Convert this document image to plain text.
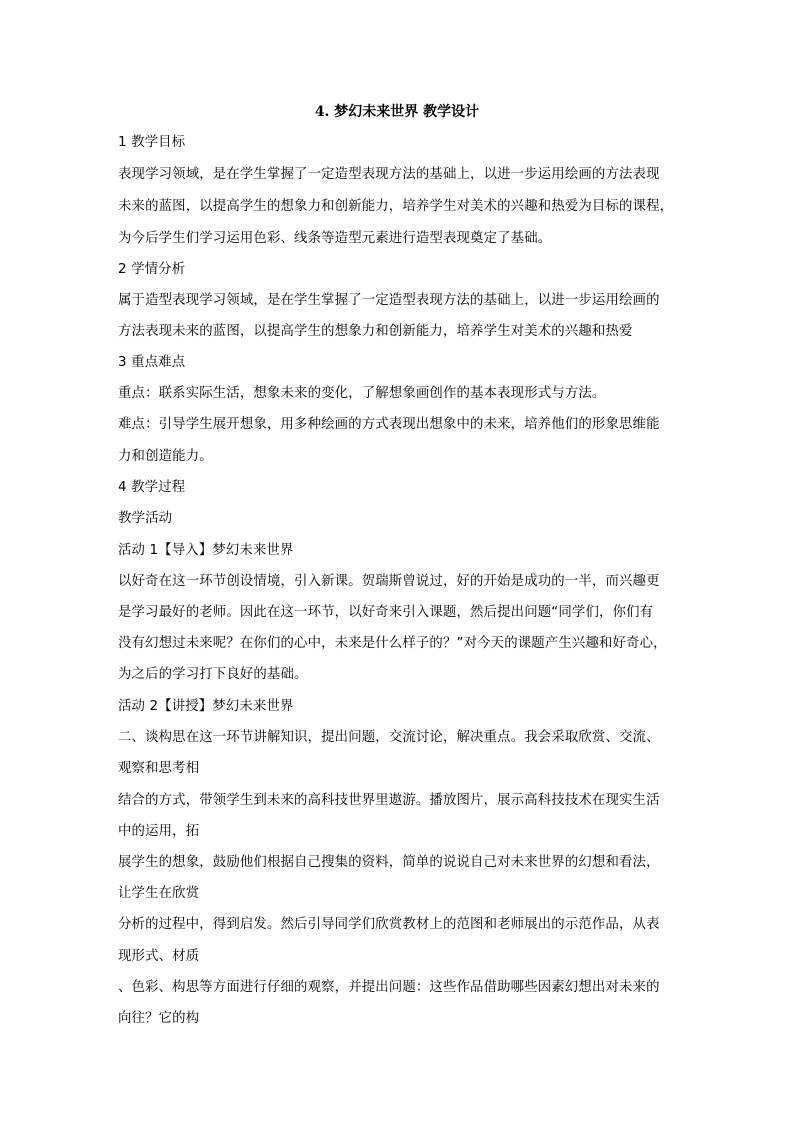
4. 梦幻未来世界 教学设计
1 教学目标
表现学习领域，是在学生掌握了一定造型表现方法的基础上，以进一步运用绘画的方法表现
未来的蓝图，以提高学生的想象力和创新能力，培养学生对美术的兴趣和热爱为目标的课程，
为今后学生们学习运用色彩、线条等造型元素进行造型表现奠定了基础。
2 学情分析
属于造型表现学习领域，是在学生掌握了一定造型表现方法的基础上，以进一步运用绘画的
方法表现未来的蓝图，以提高学生的想象力和创新能力，培养学生对美术的兴趣和热爱
3 重点难点
重点：联系实际生活，想象未来的变化，了解想象画创作的基本表现形式与方法。
难点：引导学生展开想象，用多种绘画的方式表现出想象中的未来，培养他们的形象思维能
力和创造能力。
4 教学过程
教学活动
活动 1【导入】梦幻未来世界
以好奇在这一环节创设情境，引入新课。贺瑞斯曾说过，好的开始是成功的一半，而兴趣更
是学习最好的老师。因此在这一环节，以好奇来引入课题，然后提出问题“同学们，你们有
没有幻想过未来呢？在你们的心中，未来是什么样子的？”对今天的课题产生兴趣和好奇心，
为之后的学习打下良好的基础。
活动 2【讲授】梦幻未来世界
二、谈构思在这一环节讲解知识，提出问题，交流讨论，解决重点。我会采取欣赏、交流、
观察和思考相
结合的方式，带领学生到未来的高科技世界里遨游。播放图片，展示高科技技术在现实生活
中的运用，拓
展学生的想象，鼓励他们根据自己搜集的资料，简单的说说自己对未来世界的幻想和看法，
让学生在欣赏
分析的过程中，得到启发。然后引导同学们欣赏教材上的范图和老师展出的示范作品，从表
现形式、材质
、色彩、构思等方面进行仔细的观察，并提出问题：这些作品借助哪些因素幻想出对未来的
向往？它的构
